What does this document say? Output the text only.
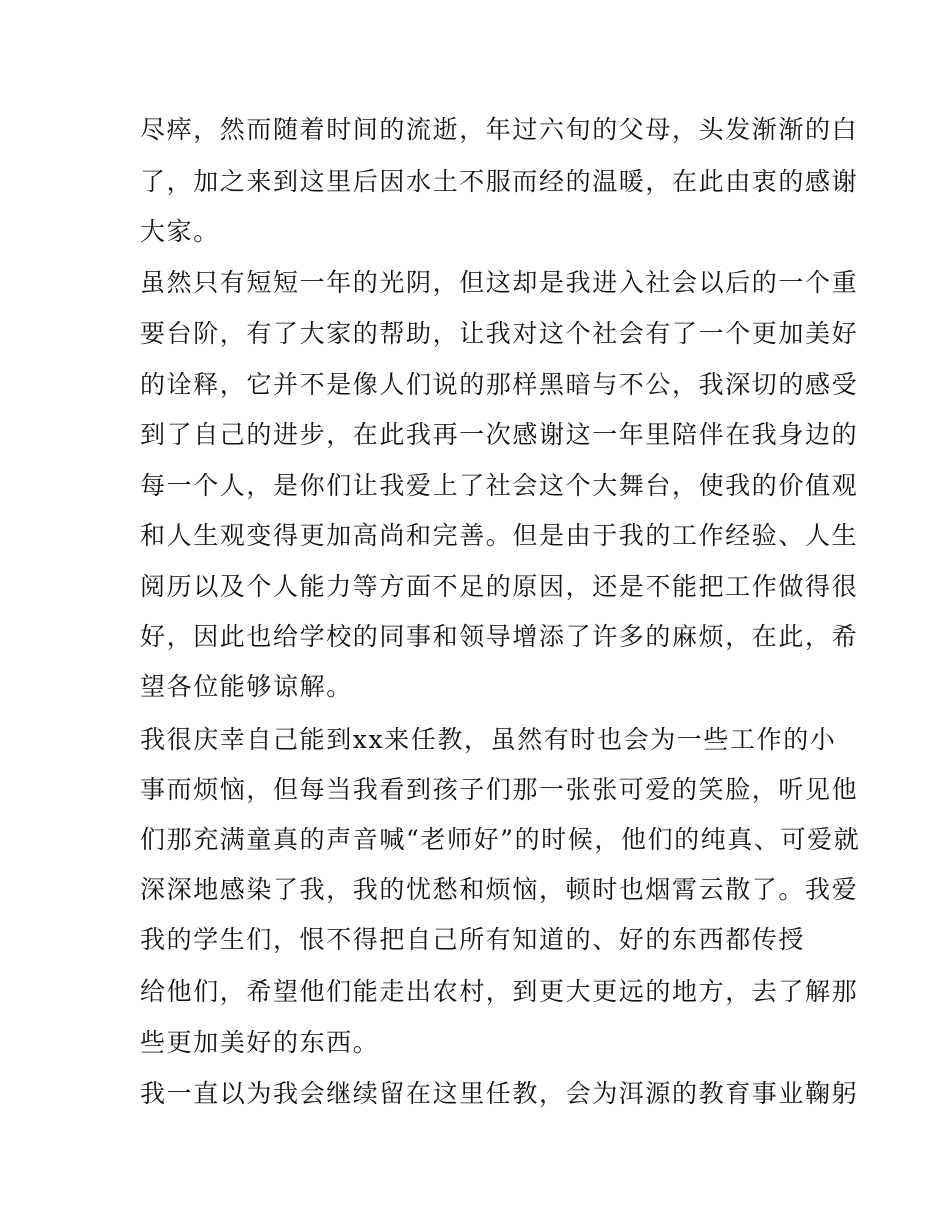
尽瘁，然而随着时间的流逝，年过六旬的父母，头发渐渐的白
了，加之来到这里后因水土不服而经的温暖，在此由衷的感谢
大家。
虽然只有短短一年的光阴，但这却是我进入社会以后的一个重
要台阶，有了大家的帮助，让我对这个社会有了一个更加美好
的诠释，它并不是像人们说的那样黑暗与不公，我深切的感受
到了自己的进步，在此我再一次感谢这一年里陪伴在我身边的
每一个人，是你们让我爱上了社会这个大舞台，使我的价值观
和人生观变得更加高尚和完善。但是由于我的工作经验、人生
阅历以及个人能力等方面不足的原因，还是不能把工作做得很
好，因此也给学校的同事和领导增添了许多的麻烦，在此，希
望各位能够谅解。
我很庆幸自己能到xx来任教，虽然有时也会为一些工作的小
事而烦恼，但每当我看到孩子们那一张张可爱的笑脸，听见他
们那充满童真的声音喊“老师好”的时候，他们的纯真、可爱就
深深地感染了我，我的忧愁和烦恼，顿时也烟霄云散了。我爱
我的学生们，恨不得把自己所有知道的、好的东西都传授
给他们，希望他们能走出农村，到更大更远的地方，去了解那
些更加美好的东西。
我一直以为我会继续留在这里任教，会为洱源的教育事业鞠躬
